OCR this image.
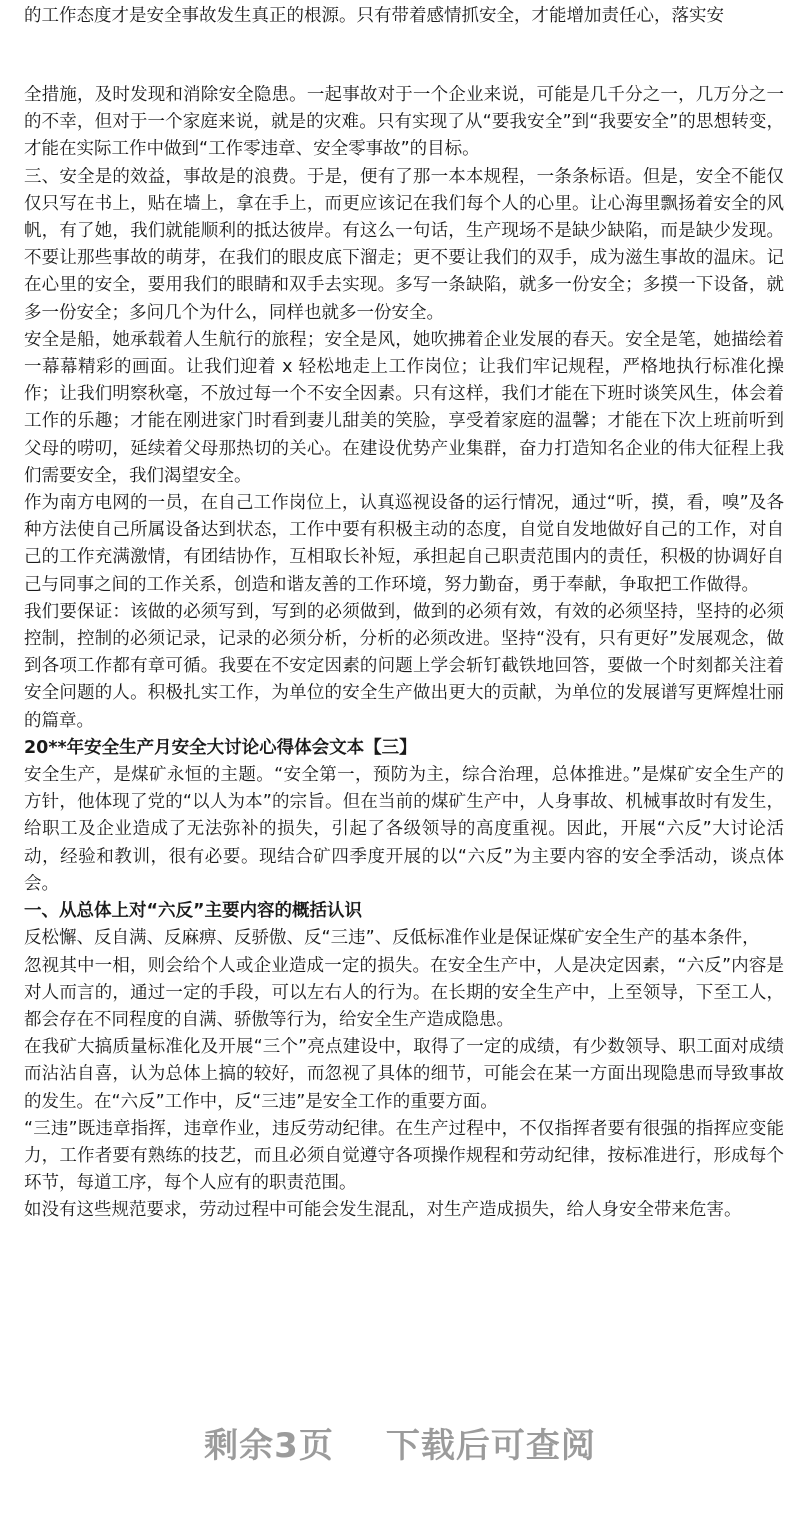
的工作态度才是安全事故发生真正的根源。只有带着感情抓安全，才能增加责任心，落实安

全措施，及时发现和消除安全隐患。一起事故对于一个企业来说，可能是几千分之一，几万分之一的不幸，但对于一个家庭来说，就是的灾难。只有实现了从“要我安全”到“我要安全”的思想转变，才能在实际工作中做到“工作零违章、安全零事故”的目标。

三、安全是的效益，事故是的浪费。于是，便有了那一本本规程，一条条标语。但是，安全不能仅仅只写在书上，贴在墙上，拿在手上，而更应该记在我们每个人的心里。让心海里飘扬着安全的风帆，有了她，我们就能顺利的抵达彼岸。有这么一句话，生产现场不是缺少缺陷，而是缺少发现。不要让那些事故的萌芽，在我们的眼皮底下溜走；更不要让我们的双手，成为滋生事故的温床。记在心里的安全，要用我们的眼睛和双手去实现。多写一条缺陷，就多一份安全；多摸一下设备，就多一份安全；多问几个为什么，同样也就多一份安全。

安全是船，她承载着人生航行的旅程；安全是风，她吹拂着企业发展的春天。安全是笔，她描绘着一幕幕精彩的画面。让我们迎着 x 轻松地走上工作岗位；让我们牢记规程，严格地执行标准化操作；让我们明察秋毫，不放过每一个不安全因素。只有这样，我们才能在下班时谈笑风生，体会着工作的乐趣；才能在刚进家门时看到妻儿甜美的笑脸，享受着家庭的温馨；才能在下次上班前听到父母的唠叨，延续着父母那热切的关心。在建设优势产业集群，奋力打造知名企业的伟大征程上我们需要安全，我们渴望安全。

作为南方电网的一员，在自己工作岗位上，认真巡视设备的运行情况，通过“听，摸，看，嗅”及各种方法使自己所属设备达到状态，工作中要有积极主动的态度，自觉自发地做好自己的工作，对自己的工作充满激情，有团结协作，互相取长补短，承担起自己职责范围内的责任，积极的协调好自己与同事之间的工作关系，创造和谐友善的工作环境，努力勤奋，勇于奉献，争取把工作做得。

我们要保证：该做的必须写到，写到的必须做到，做到的必须有效，有效的必须坚持，坚持的必须控制，控制的必须记录，记录的必须分析，分析的必须改进。坚持“没有，只有更好”发展观念，做到各项工作都有章可循。我要在不安定因素的问题上学会斩钉截铁地回答，要做一个时刻都关注着安全问题的人。积极扎实工作，为单位的安全生产做出更大的贡献，为单位的发展谱写更辉煌壮丽的篇章。

20**年安全生产月安全大讨论心得体会文本【三】

安全生产，是煤矿永恒的主题。“安全第一，预防为主，综合治理，总体推进。”是煤矿安全生产的方针，他体现了党的“以人为本”的宗旨。但在当前的煤矿生产中，人身事故、机械事故时有发生，给职工及企业造成了无法弥补的损失，引起了各级领导的高度重视。因此，开展“六反”大讨论活动，经验和教训，很有必要。现结合矿四季度开展的以“六反”为主要内容的安全季活动，谈点体会。

一、从总体上对“六反”主要内容的概括认识

反松懈、反自满、反麻痹、反骄傲、反“三违”、反低标准作业是保证煤矿安全生产的基本条件，

忽视其中一相，则会给个人或企业造成一定的损失。在安全生产中，人是决定因素，“六反”内容是对人而言的，通过一定的手段，可以左右人的行为。在长期的安全生产中，上至领导，下至工人，都会存在不同程度的自满、骄傲等行为，给安全生产造成隐患。

在我矿大搞质量标准化及开展“三个”亮点建设中，取得了一定的成绩，有少数领导、职工面对成绩而沾沾自喜，认为总体上搞的较好，而忽视了具体的细节，可能会在某一方面出现隐患而导致事故的发生。在“六反”工作中，反“三违”是安全工作的重要方面。

“三违”既违章指挥，违章作业，违反劳动纪律。在生产过程中，不仅指挥者要有很强的指挥应变能力，工作者要有熟练的技艺，而且必须自觉遵守各项操作规程和劳动纪律，按标准进行，形成每个环节，每道工序，每个人应有的职责范围。

如没有这些规范要求，劳动过程中可能会发生混乱，对生产造成损失，给人身安全带来危害。

剩余3页 下载后可查阅
